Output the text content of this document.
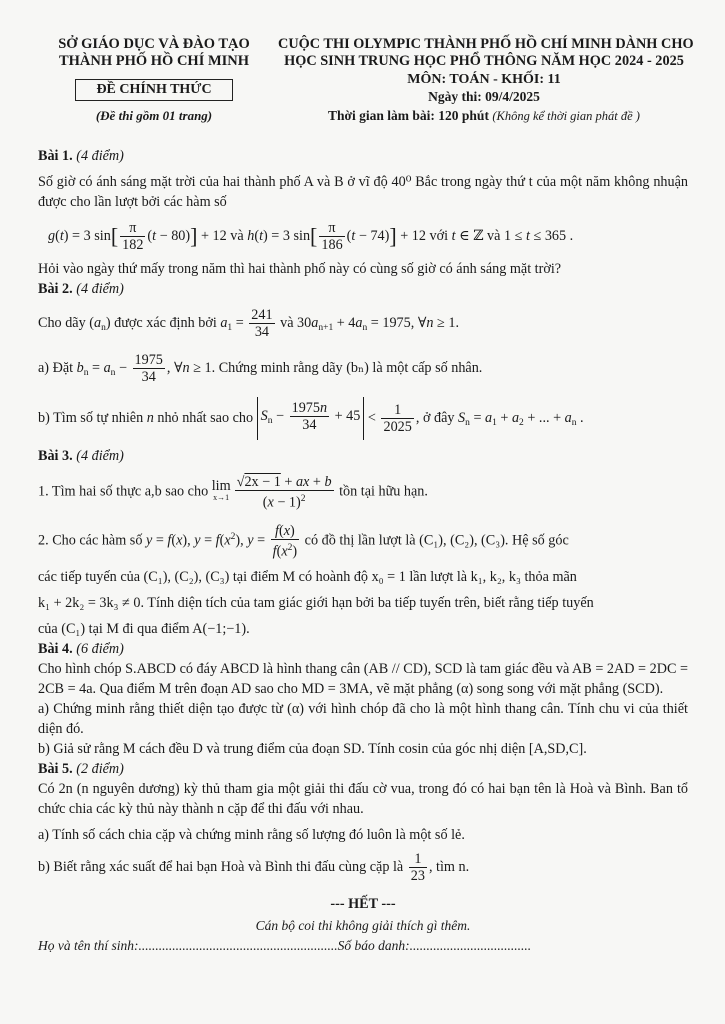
SỞ GIÁO DỤC VÀ ĐÀO TẠO
THÀNH PHỐ HỒ CHÍ MINH
ĐỀ CHÍNH THỨC
(Đề thi gồm 01 trang)
CUỘC THI OLYMPIC THÀNH PHỐ HỒ CHÍ MINH DÀNH CHO
HỌC SINH TRUNG HỌC PHỔ THÔNG NĂM HỌC 2024 - 2025
MÔN: TOÁN - KHỐI: 11
Ngày thi: 09/4/2025
Thời gian làm bài: 120 phút (Không kể thời gian phát đề )
Bài 1. (4 điểm)
Số giờ có ánh sáng mặt trời của hai thành phố A và B ở vĩ độ 40⁰ Bắc trong ngày thứ t của một năm không nhuận được cho lần lượt bởi các hàm số
g(t) = 3 $\sin[ \frac{\pi}{182} (t - 80)] + 12$ và h(t) = 3 $\sin[ \frac{\pi}{186} (t - 74)] + 12$ với t ∈ ℤ và 1 ≤ t ≤ 365 .
Hỏi vào ngày thứ mấy trong năm thì hai thành phố này có cùng số giờ có ánh sáng mặt trời?
Bài 2. (4 điểm)
Cho dãy $(a_n)$ được xác định bởi $a_1 = \frac{241}{34}$ và $30a_{n+1} + 4a_n = 1975$, ∀n ≥ 1.
a) Đặt $b_n = a_n - \frac{1975}{34}$ , ∀n ≥ 1. Chứng minh rằng dãy (bₙ) là một cấp số nhân.
b) Tìm số tự nhiên n nhỏ nhất sao cho $S_n - \frac{1975n}{34} + 45 < \frac{1}{2025}$ , ở đây $S_n = a_1 + a_2$ + ... + $a_n$ .
Bài 3. (4 điểm)
1. Tìm hai số thực a,b sao cho lim
$x\to 1 \frac{√2x - 1 + ax + b}{(x - 1)^2}$ tồn tại hữu hạn.
2. Cho các hàm số y = f(x), $y = f(x^2)$, $y = \frac{f(x)}{f(x^2)}$ có đồ thị lần lượt là (C₁), (C₂), (C₃). Hệ số góc
các tiếp tuyến của (C₁), (C₂), (C₃) tại điểm M có hoành độ x₀ = 1 lần lượt là k₁, k₂, k₃ thỏa mãn
k₁ + 2k₂ = 3k₃ ≠ 0. Tính diện tích của tam giác giới hạn bởi ba tiếp tuyến trên, biết rằng tiếp tuyến
của (C₁) tại M đi qua điểm A(−1;−1).
Bài 4. (6 điểm)
Cho hình chóp S.ABCD có đáy ABCD là hình thang cân (AB // CD), SCD là tam giác đều và AB = 2AD = 2DC = 2CB = 4a. Qua điểm M trên đoạn AD sao cho MD = 3MA, vẽ mặt phẳng (α) song song với mặt phẳng (SCD).
a) Chứng minh rằng thiết diện tạo được từ (α) với hình chóp đã cho là một hình thang cân. Tính chu vi của thiết diện đó.
b) Giả sử rằng M cách đều D và trung điểm của đoạn SD. Tính cosin của góc nhị diện [A,SD,C].
Bài 5. (2 điểm)
Có 2n (n nguyên dương) kỳ thủ tham gia một giải thi đấu cờ vua, trong đó có hai bạn tên là Hoà và Bình. Ban tổ chức chia các kỳ thủ này thành n cặp để thi đấu với nhau.
a) Tính số cách chia cặp và chứng minh rằng số lượng đó luôn là một số lẻ.
b) Biết rằng xác suất để hai bạn Hoà và Bình thi đấu cùng cặp là $\frac{1}{23}$ , tìm n.
--- HẾT ---
Cán bộ coi thi không giải thích gì thêm.
Họ và tên thí sinh:...........................................................Số báo danh:....................................
